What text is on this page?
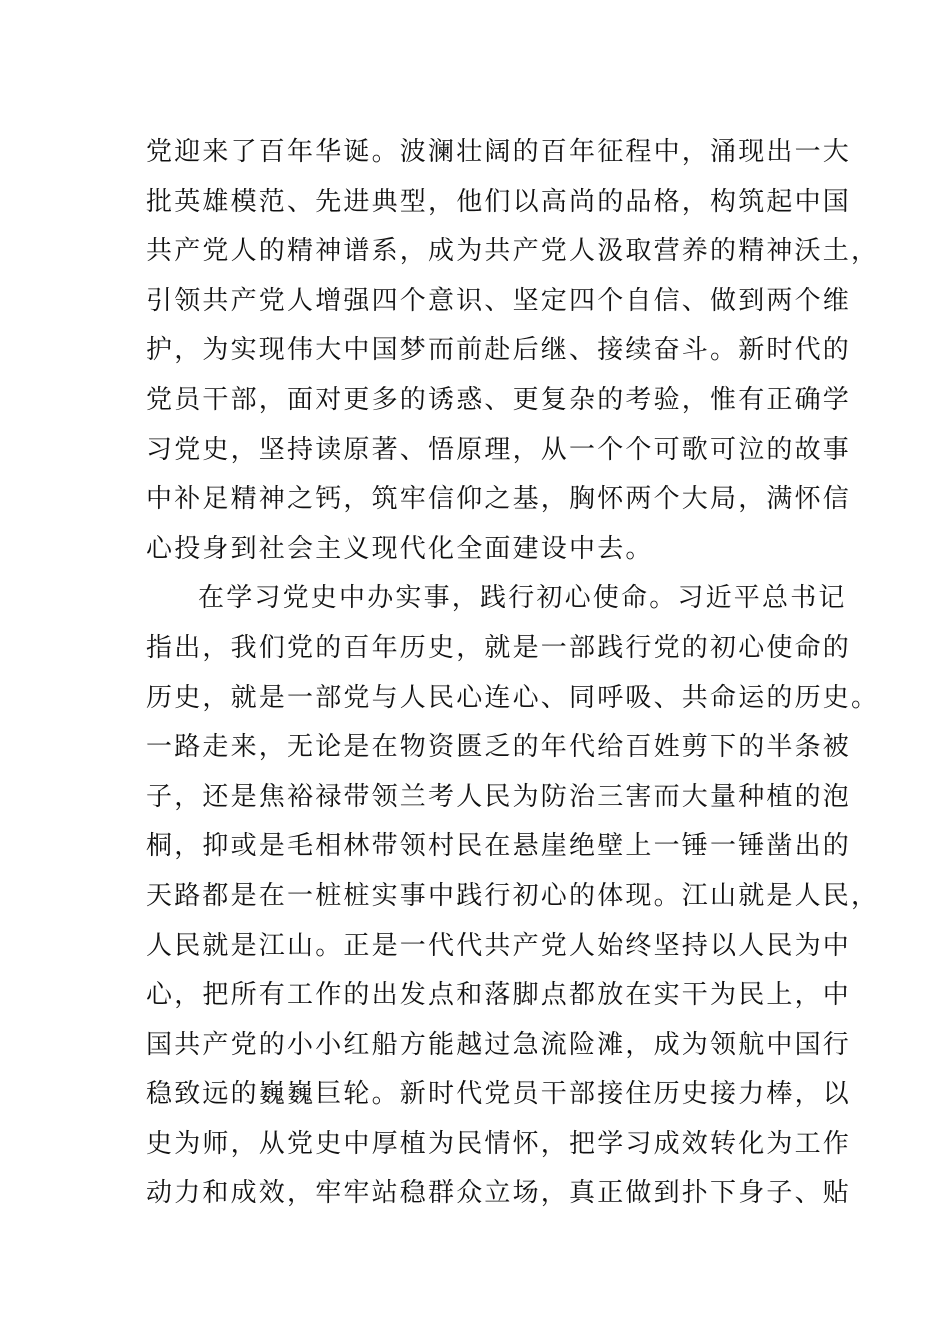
党迎来了百年华诞。波澜壮阔的百年征程中，涌现出一大
批英雄模范、先进典型，他们以高尚的品格，构筑起中国
共产党人的精神谱系，成为共产党人汲取营养的精神沃土，
引领共产党人增强四个意识、坚定四个自信、做到两个维
护，为实现伟大中国梦而前赴后继、接续奋斗。新时代的
党员干部，面对更多的诱惑、更复杂的考验，惟有正确学
习党史，坚持读原著、悟原理，从一个个可歌可泣的故事
中补足精神之钙，筑牢信仰之基，胸怀两个大局，满怀信
心投身到社会主义现代化全面建设中去。
在学习党史中办实事，践行初心使命。习近平总书记
指出，我们党的百年历史，就是一部践行党的初心使命的
历史，就是一部党与人民心连心、同呼吸、共命运的历史。
一路走来，无论是在物资匮乏的年代给百姓剪下的半条被
子，还是焦裕禄带领兰考人民为防治三害而大量种植的泡
桐，抑或是毛相林带领村民在悬崖绝壁上一锤一锤凿出的
天路都是在一桩桩实事中践行初心的体现。江山就是人民，
人民就是江山。正是一代代共产党人始终坚持以人民为中
心，把所有工作的出发点和落脚点都放在实干为民上，中
国共产党的小小红船方能越过急流险滩，成为领航中国行
稳致远的巍巍巨轮。新时代党员干部接住历史接力棒，以
史为师，从党史中厚植为民情怀，把学习成效转化为工作
动力和成效，牢牢站稳群众立场，真正做到扑下身子、贴
